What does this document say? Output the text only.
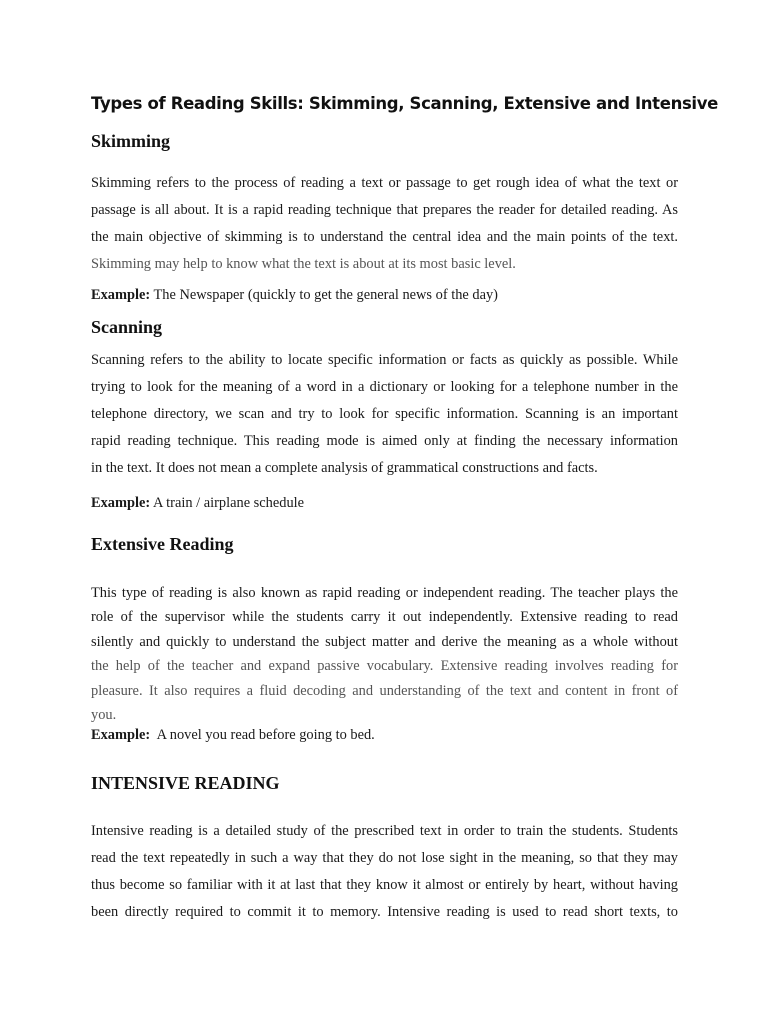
Types of Reading Skills: Skimming, Scanning, Extensive and Intensive
Skimming

Skimming refers to the process of reading a text or passage to get rough idea of what the text or
passage is all about. It is a rapid reading technique that prepares the reader for detailed reading. As
the main objective of skimming is to understand the central idea and the main points of the text.
Skimming may help to know what the text is about at its most basic level.

Example: The Newspaper (quickly to get the general news of the day)

Scanning

Scanning refers to the ability to locate specific information or facts as quickly as possible. While
trying to look for the meaning of a word in a dictionary or looking for a telephone number in the
telephone directory, we scan and try to look for specific information. Scanning is an important
rapid reading technique. This reading mode is aimed only at finding the necessary information
in the text. It does not mean a complete analysis of grammatical constructions and facts.

Example: A train / airplane schedule

Extensive Reading

This type of reading is also known as rapid reading or independent reading. The teacher plays the
role of the supervisor while the students carry it out independently. Extensive reading to read
silently and quickly to understand the subject matter and derive the meaning as a whole without
the help of the teacher and expand passive vocabulary. Extensive reading involves reading for
pleasure. It also requires a fluid decoding and understanding of the text and content in front of
you.

Example: A novel you read before going to bed.

INTENSIVE READING

Intensive reading is a detailed study of the prescribed text in order to train the students. Students
read the text repeatedly in such a way that they do not lose sight in the meaning, so that they may
thus become so familiar with it at last that they know it almost or entirely by heart, without having
been directly required to commit it to memory. Intensive reading is used to read short texts, to
